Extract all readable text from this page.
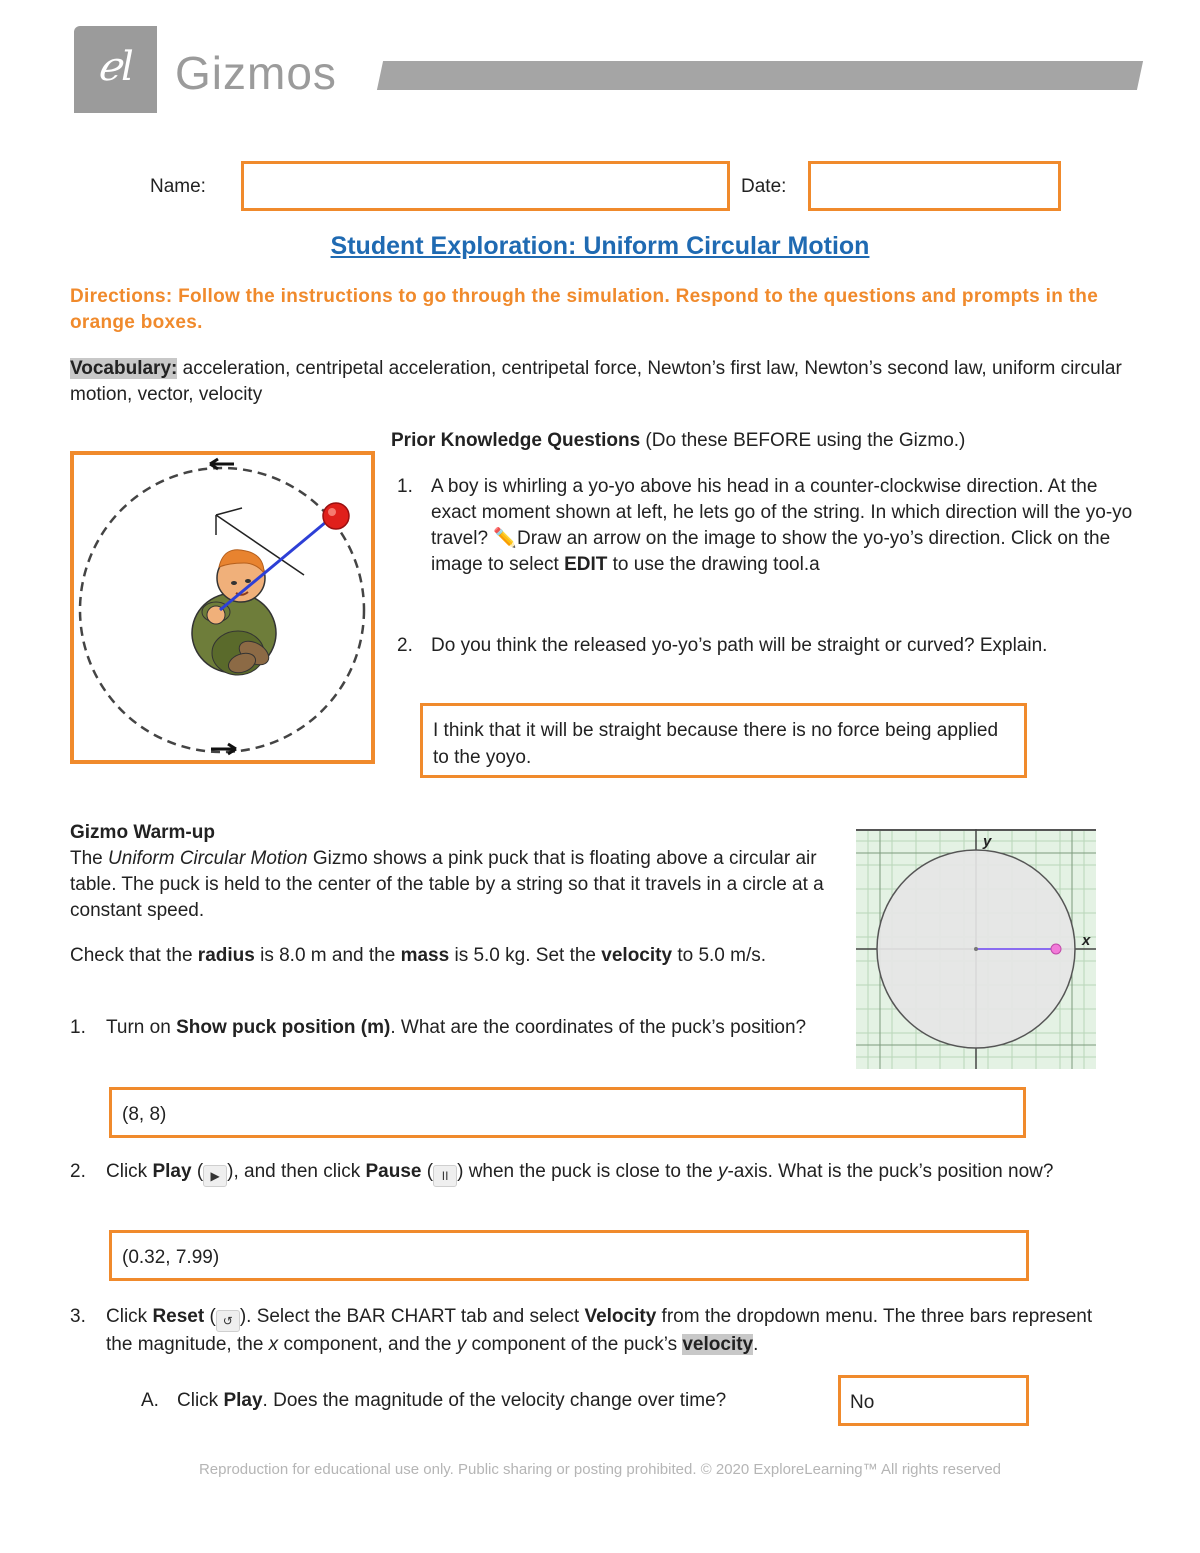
ℯl Gizmos
Name:	Date:
Student Exploration: Uniform Circular Motion
Directions: Follow the instructions to go through the simulation. Respond to the questions and prompts in the orange boxes.
Vocabulary: acceleration, centripetal acceleration, centripetal force, Newton’s first law, Newton’s second law, uniform circular motion, vector, velocity
Prior Knowledge Questions (Do these BEFORE using the Gizmo.)
1. A boy is whirling a yo-yo above his head in a counter-clockwise direction. At the exact moment shown at left, he lets go of the string. In which direction will the yo-yo travel? ✏️Draw an arrow on the image to show the yo-yo’s direction. Click on the image to select EDIT to use the drawing tool.a
2. Do you think the released yo-yo’s path will be straight or curved? Explain.
I think that it will be straight because there is no force being applied to the yoyo.
Gizmo Warm-up
The Uniform Circular Motion Gizmo shows a pink puck that is floating above a circular air table. The puck is held to the center of the table by a string so that it travels in a circle at a constant speed.
Check that the radius is 8.0 m and the mass is 5.0 kg. Set the velocity to 5.0 m/s.
y
x
1.	Turn on Show puck position (m). What are the coordinates of the puck’s position?
(8, 8)
2.	Click Play ( ▶ ), and then click Pause ( II ) when the puck is close to the y-axis. What is the puck’s position now?
(0.32, 7.99)
3.	Click Reset ( ↺ ). Select the BAR CHART tab and select Velocity from the dropdown menu. The three bars represent the magnitude, the x component, and the y component of the puck’s velocity.
A. Click Play. Does the magnitude of the velocity change over time?	No
Reproduction for educational use only. Public sharing or posting prohibited. © 2020 ExploreLearning™ All rights reserved
